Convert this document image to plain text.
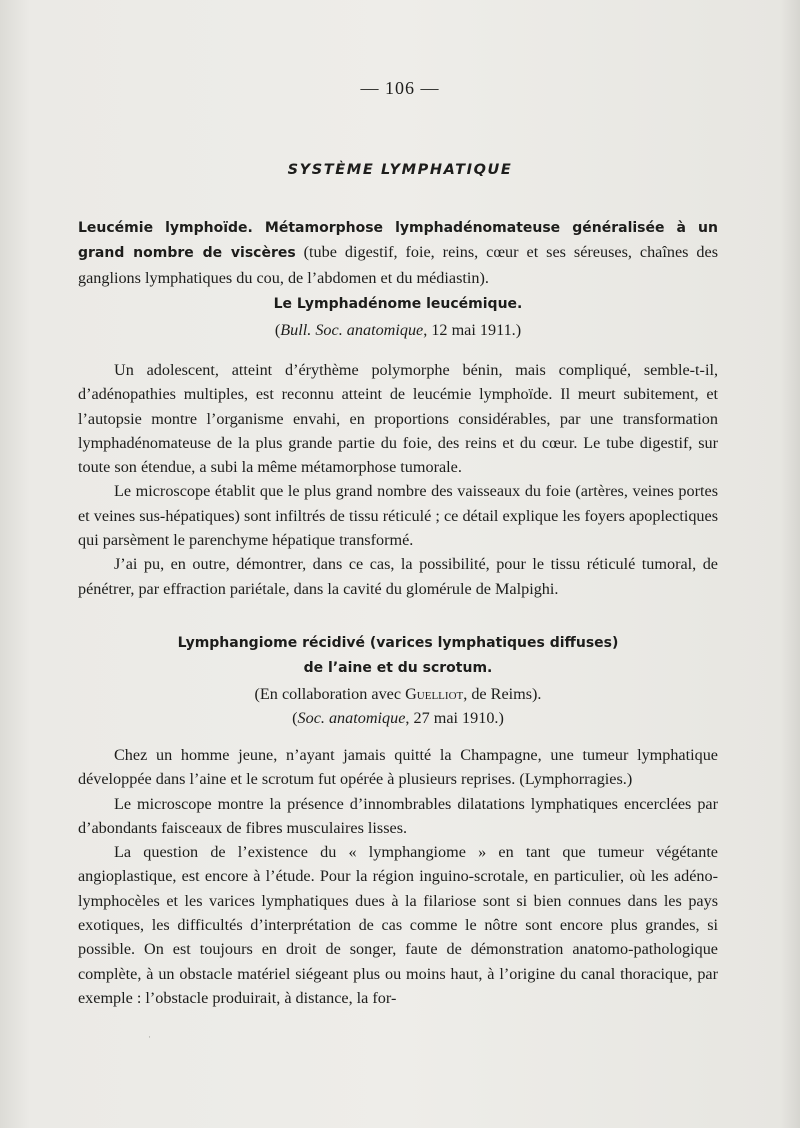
— 106 —
SYSTÈME LYMPHATIQUE
Leucémie lymphoïde. Métamorphose lymphadénomateuse généralisée à un grand nombre de viscères (tube digestif, foie, reins, cœur et ses séreuses, chaînes des ganglions lymphatiques du cou, de l’abdomen et du médiastin).
Le Lymphadénome leucémique.
(Bull. Soc. anatomique, 12 mai 1911.)

Un adolescent, atteint d’érythème polymorphe bénin, mais compliqué, semble-t-il, d’adénopathies multiples, est reconnu atteint de leucémie lymphoïde. Il meurt subitement, et l’autopsie montre l’organisme envahi, en proportions considérables, par une transformation lymphadénomateuse de la plus grande partie du foie, des reins et du cœur. Le tube digestif, sur toute son étendue, a subi la même métamorphose tumorale.

Le microscope établit que le plus grand nombre des vaisseaux du foie (artères, veines portes et veines sus-hépatiques) sont infiltrés de tissu réticulé ; ce détail explique les foyers apoplectiques qui parsèment le parenchyme hépatique transformé.

J’ai pu, en outre, démontrer, dans ce cas, la possibilité, pour le tissu réticulé tumoral, de pénétrer, par effraction pariétale, dans la cavité du glomérule de Malpighi.

Lymphangiome récidivé (varices lymphatiques diffuses)
de l’aine et du scrotum.
(En collaboration avec Guelliot, de Reims).
(Soc. anatomique, 27 mai 1910.)

Chez un homme jeune, n’ayant jamais quitté la Champagne, une tumeur lymphatique développée dans l’aine et le scrotum fut opérée à plusieurs reprises. (Lymphorragies.)

Le microscope montre la présence d’innombrables dilatations lymphatiques encerclées par d’abondants faisceaux de fibres musculaires lisses.

La question de l’existence du « lymphangiome » en tant que tumeur végétante angioplastique, est encore à l’étude. Pour la région inguino-scrotale, en particulier, où les adéno-lymphocèles et les varices lymphatiques dues à la filariose sont si bien connues dans les pays exotiques, les difficultés d’interprétation de cas comme le nôtre sont encore plus grandes, si possible. On est toujours en droit de songer, faute de démonstration anatomo-pathologique complète, à un obstacle matériel siégeant plus ou moins haut, à l’origine du canal thoracique, par exemple : l’obstacle produirait, à distance, la for-

·
